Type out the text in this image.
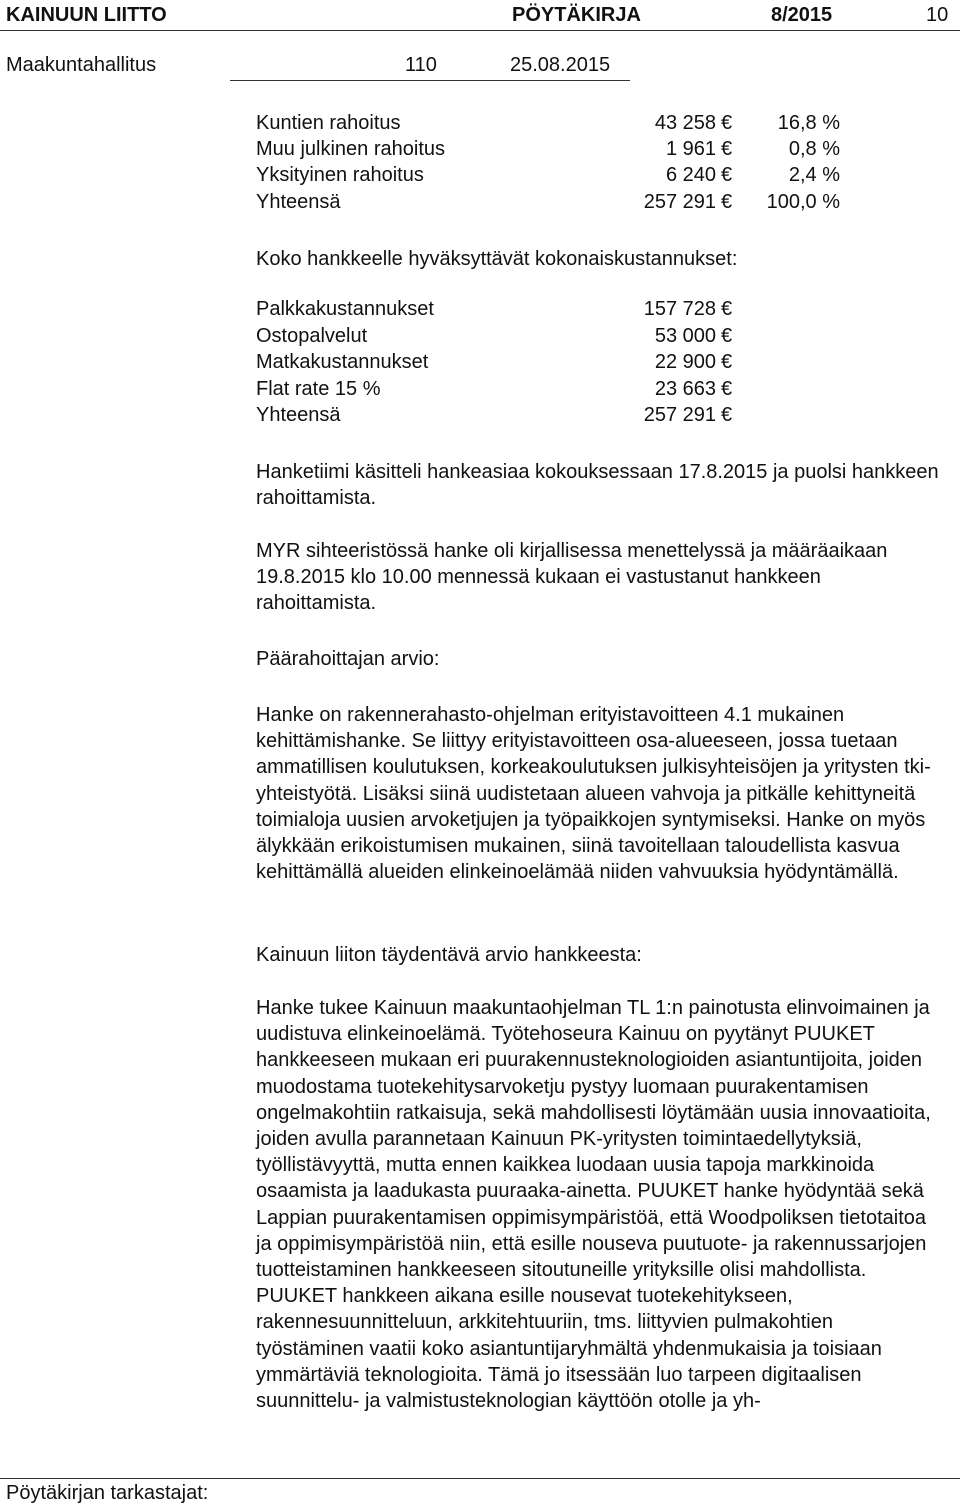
KAINUUN LIITTO	PÖYTÄKIRJA	8/2015	10
Maakuntahallitus	110	25.08.2015
Kuntien rahoitus	43 258 €	16,8 %
Muu julkinen rahoitus	1 961 €	0,8 %
Yksityinen rahoitus	6 240 €	2,4 %
Yhteensä	257 291 €	100,0 %

Koko hankkeelle hyväksyttävät kokonaiskustannukset:

Palkkakustannukset	157 728 €
Ostopalvelut	53 000 €
Matkakustannukset	22 900 €
Flat rate 15 %	23 663 €
Yhteensä	257 291 €

Hanketiimi käsitteli hankeasiaa kokouksessaan 17.8.2015 ja puolsi hankkeen rahoittamista.

MYR sihteeristössä hanke oli kirjallisessa menettelyssä ja määräaikaan 19.8.2015 klo 10.00 mennessä kukaan ei vastustanut hankkeen rahoittamista.

Päärahoittajan arvio:

Hanke on rakennerahasto-ohjelman erityistavoitteen 4.1 mukainen kehittämishanke. Se liittyy erityistavoitteen osa-alueeseen, jossa tuetaan ammatillisen koulutuksen, korkeakoulutuksen julkisyhteisöjen ja yritysten tki-yhteistyötä. Lisäksi siinä uudistetaan alueen vahvoja ja pitkälle kehittyneitä toimialoja uusien arvoketjujen ja työpaikkojen syntymiseksi. Hanke on myös älykkään erikoistumisen mukainen, siinä tavoitellaan taloudellista kasvua kehittämällä alueiden elinkeinoelämää niiden vahvuuksia hyödyntämällä.

Kainuun liiton täydentävä arvio hankkeesta:

Hanke tukee Kainuun maakuntaohjelman TL 1:n painotusta elinvoimainen ja uudistuva elinkeinoelämä. Työtehoseura Kainuu on pyytänyt PUUKET hankkeeseen mukaan eri puurakennusteknologioiden asiantuntijoita, joiden muodostama tuotekehitysarvoketju pystyy luomaan puurakentamisen ongelmakohtiin ratkaisuja, sekä mahdollisesti löytämään uusia innovaatioita, joiden avulla parannetaan Kainuun PK-yritysten toimintaedellytyksiä, työllistävyyttä, mutta ennen kaikkea luodaan uusia tapoja markkinoida osaamista ja laadukasta puuraaka-ainetta. PUUKET hanke hyödyntää sekä Lappian puurakentamisen oppimisympäristöä, että Woodpoliksen tietotaitoa ja oppimisympäristöä niin, että esille nouseva puutuote- ja rakennussarjojen tuotteistaminen hankkeeseen sitoutuneille yrityksille olisi mahdollista. PUUKET hankkeen aikana esille nousevat tuotekehitykseen, rakennesuunnitteluun, arkkitehtuuriin, tms. liittyvien pulmakohtien työstäminen vaatii koko asiantuntijaryhmältä yhdenmukaisia ja toisiaan ymmärtäviä teknologioita. Tämä jo itsessään luo tarpeen digitaalisen suunnittelu- ja valmistusteknologian käyttöön otolle ja yh-

Pöytäkirjan tarkastajat:
